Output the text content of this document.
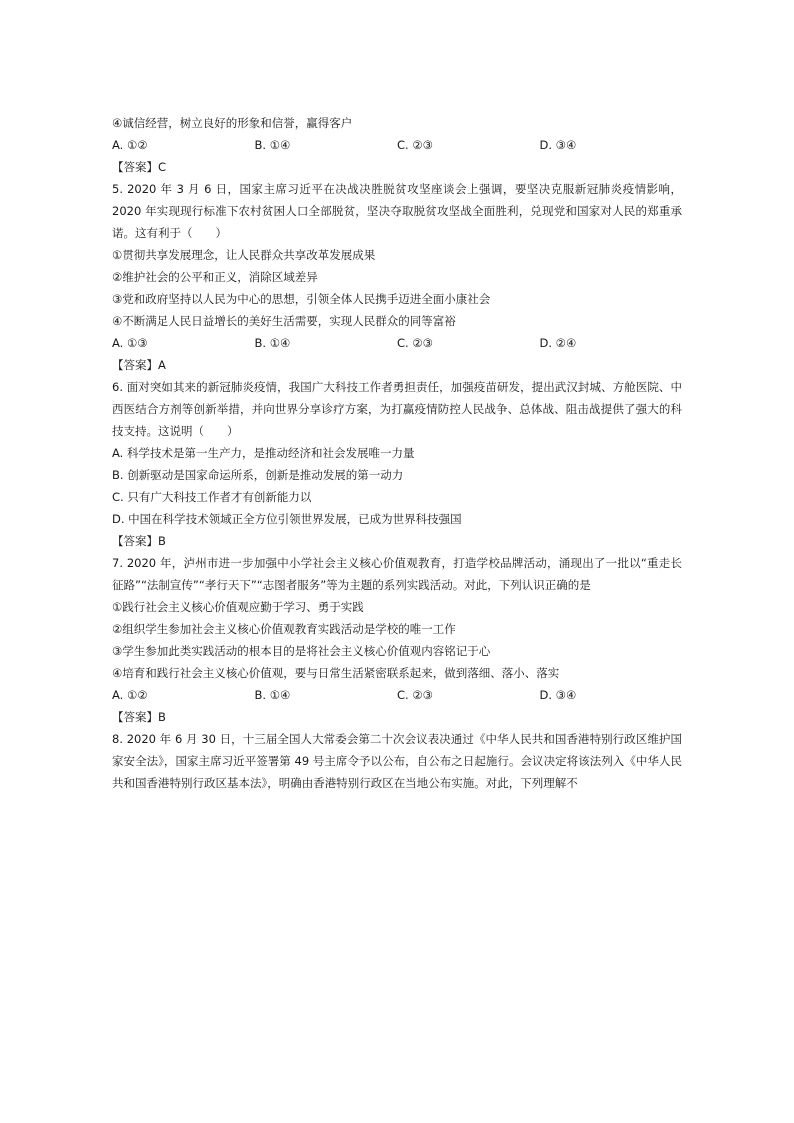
④诚信经营，树立良好的形象和信誉，赢得客户
A. ①②	B. ①④	C. ②③	D. ③④
【答案】C
5. 2020 年 3 月 6 日，国家主席习近平在决战决胜脱贫攻坚座谈会上强调，要坚决克服新冠肺炎疫情影响，2020 年实现现行标准下农村贫困人口全部脱贫，坚决夺取脱贫攻坚战全面胜利，兑现党和国家对人民的郑重承诺。这有利于（　　）
①贯彻共享发展理念，让人民群众共享改革发展成果
②维护社会的公平和正义，消除区域差异
③党和政府坚持以人民为中心的思想，引领全体人民携手迈进全面小康社会
④不断满足人民日益增长的美好生活需要，实现人民群众的同等富裕
A. ①③	B. ①④	C. ②③	D. ②④
【答案】A
6. 面对突如其来的新冠肺炎疫情，我国广大科技工作者勇担责任，加强疫苗研发，提出武汉封城、方舱医院、中西医结合方剂等创新举措，并向世界分享诊疗方案，为打赢疫情防控人民战争、总体战、阻击战提供了强大的科技支持。这说明（　　）
A. 科学技术是第一生产力，是推动经济和社会发展唯一力量
B. 创新驱动是国家命运所系，创新是推动发展的第一动力
C. 只有广大科技工作者才有创新能力以
D. 中国在科学技术领域正全方位引领世界发展，已成为世界科技强国
【答案】B
7. 2020 年，泸州市进一步加强中小学社会主义核心价值观教育，打造学校品牌活动，涌现出了一批以“重走长征路”“法制宣传”“孝行天下”“志图者服务”等为主题的系列实践活动。对此，下列认识正确的是
①践行社会主义核心价值观应勤于学习、勇于实践
②组织学生参加社会主义核心价值观教育实践活动是学校的唯一工作
③学生参加此类实践活动的根本目的是将社会主义核心价值观内容铭记于心
④培育和践行社会主义核心价值观，要与日常生活紧密联系起来，做到落细、落小、落实
A. ①②	B. ①④	C. ②③	D. ③④
【答案】B
8. 2020 年 6 月 30 日，十三届全国人大常委会第二十次会议表决通过《中华人民共和国香港特别行政区维护国家安全法》，国家主席习近平签署第 49 号主席令予以公布，自公布之日起施行。会议决定将该法列入《中华人民共和国香港特别行政区基本法》，明确由香港特别行政区在当地公布实施。对此，下列理解不
